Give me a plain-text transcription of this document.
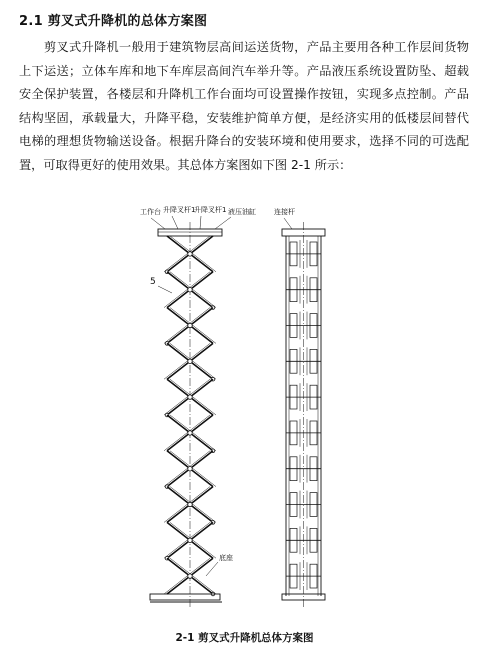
2.1 剪叉式升降机的总体方案图

剪叉式升降机一般用于建筑物层高间运送货物，产品主要用各种工作层间货物上下运送；立体车库和地下车库层高间汽车举升等。产品液压系统设置防坠、超载安全保护装置，各楼层和升降机工作台面均可设置操作按钮，实现多点控制。产品结构坚固，承载量大，升降平稳，安装维护简单方便，是经济实用的低楼层间替代电梯的理想货物输送设备。根据升降台的安装环境和使用要求，选择不同的可选配置，可取得更好的使用效果。其总体方案图如下图 2-1 所示：

工作台 升降叉杆1
升降叉杆1 液压油缸
5
底座
连接杆
2-1 剪叉式升降机总体方案图
